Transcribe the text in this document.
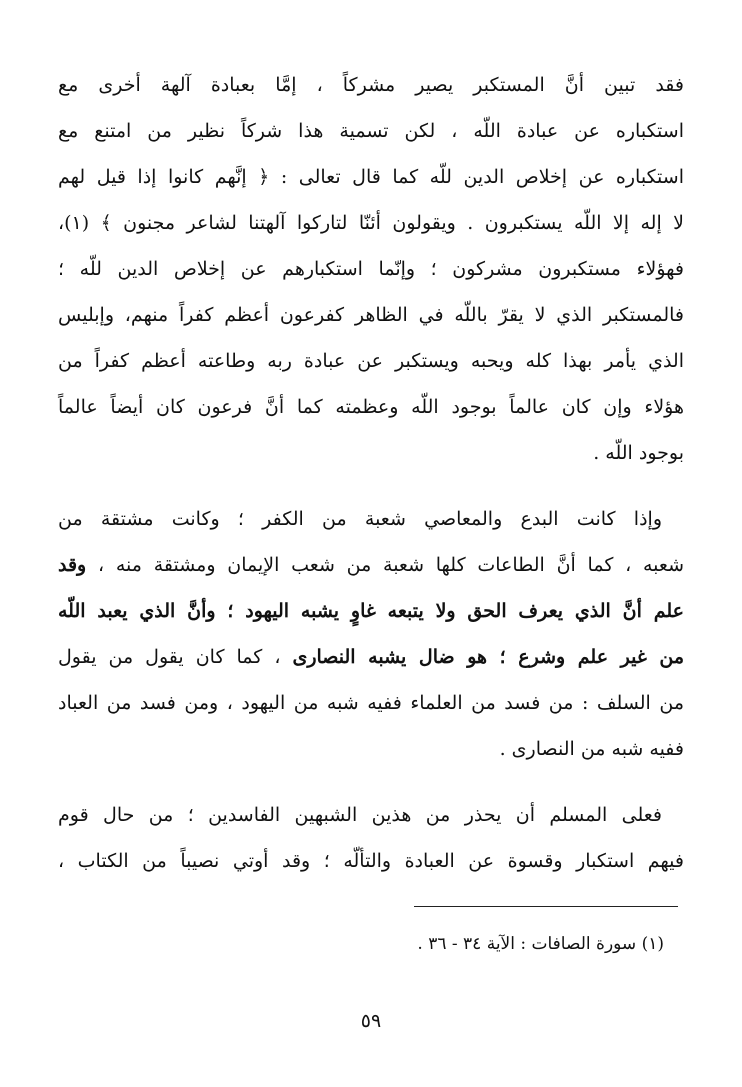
فقد تبين أنَّ المستكبر يصير مشركاً ، إمَّا بعبادة آلهة أخرى مع
استكباره عن عبادة اللّه ، لكن تسمية هذا شركاً نظير من امتنع مع
استكباره عن إخلاص الدين للّه كما قال تعالى : ﴿ إنَّهم كانوا إذا قيل لهم
لا إله إلا اللّه يستكبرون . ويقولون أئنّا لتاركوا آلهتنا لشاعر مجنون ﴾ (١)،
فهؤلاء مستكبرون مشركون ؛ وإنّما استكبارهم عن إخلاص الدين للّه ؛
فالمستكبر الذي لا يقرّ باللّه في الظاهر كفرعون أعظم كفراً منهم، وإبليس
الذي يأمر بهذا كله ويحبه ويستكبر عن عبادة ربه وطاعته أعظم كفراً من
هؤلاء وإن كان عالماً بوجود اللّه وعظمته كما أنَّ فرعون كان أيضاً عالماً
بوجود اللّه .
وإذا كانت البدع والمعاصي شعبة من الكفر ؛ وكانت مشتقة من
شعبه ، كما أنَّ الطاعات كلها شعبة من شعب الإيمان ومشتقة منه ، وقد
علم أنَّ الذي يعرف الحق ولا يتبعه غاوٍ يشبه اليهود ؛ وأنَّ الذي يعبد اللّه
من غير علم وشرع ؛ هو ضال يشبه النصارى ، كما كان يقول من يقول
من السلف : من فسد من العلماء ففيه شبه من اليهود ، ومن فسد من العباد
ففيه شبه من النصارى .
فعلى المسلم أن يحذر من هذين الشبهين الفاسدين ؛ من حال قوم
فيهم استكبار وقسوة عن العبادة والتألّه ؛ وقد أوتي نصيباً من الكتاب ،
(١) سورة الصافات : الآية ٣٤ - ٣٦ .
٥٩
